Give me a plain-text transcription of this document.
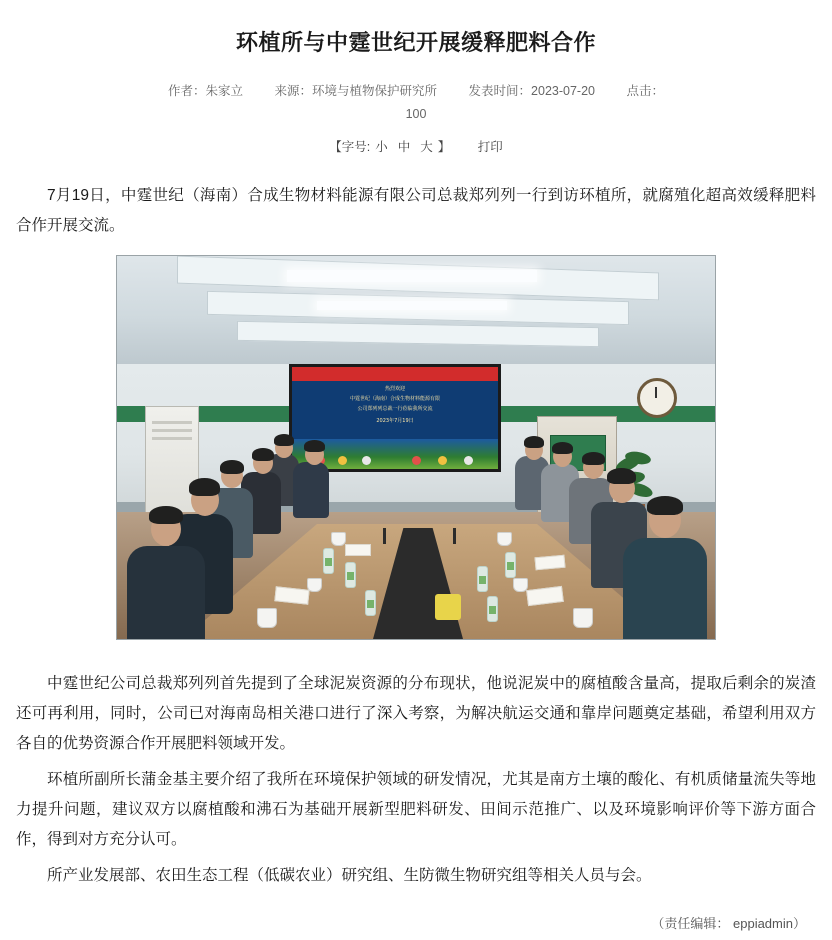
环植所与中霆世纪开展缓释肥料合作
作者：朱家立	来源：环境与植物保护研究所	发表时间：2023-07-20	点击：
100
【字号: 小 中 大 】 打印

7月19日，中霆世纪（海南）合成生物材料能源有限公司总裁郑列列一行到访环植所，就腐殖化超高效缓释肥料合作开展交流。

热烈欢迎
中霆世纪（海南）合成生物材料能源有限
公司郑列列总裁一行莅临我所交流
2023年7月19日

中霆世纪公司总裁郑列列首先提到了全球泥炭资源的分布现状，他说泥炭中的腐植酸含量高，提取后剩余的炭渣还可再利用，同时，公司已对海南岛相关港口进行了深入考察，为解决航运交通和靠岸问题奠定基础，希望利用双方各自的优势资源合作开展肥料领域开发。

环植所副所长蒲金基主要介绍了我所在环境保护领域的研发情况，尤其是南方土壤的酸化、有机质储量流失等地力提升问题，建议双方以腐植酸和沸石为基础开展新型肥料研发、田间示范推广、以及环境影响评价等下游方面合作，得到对方充分认可。

所产业发展部、农田生态工程（低碳农业）研究组、生防微生物研究组等相关人员与会。

（责任编辑： eppiadmin）
